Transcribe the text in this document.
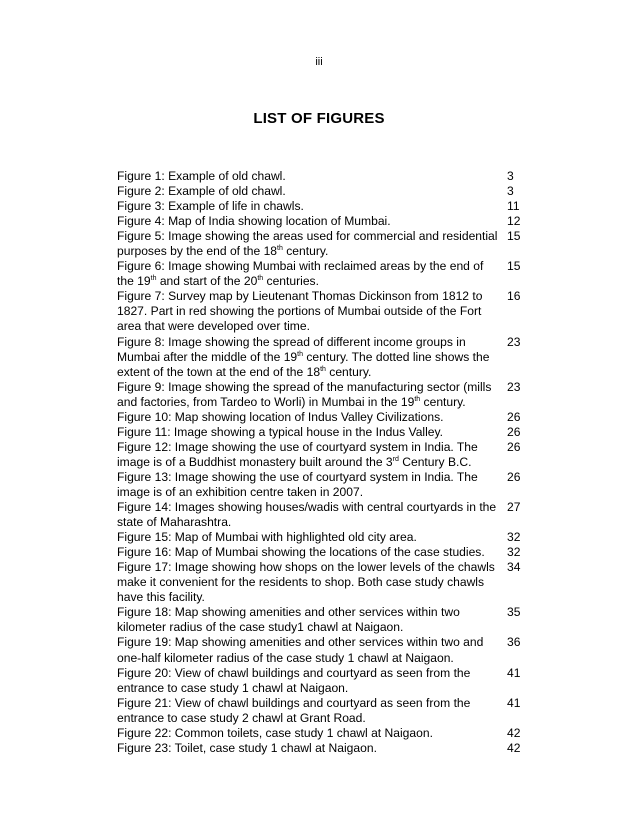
iii
LIST OF FIGURES
Figure 1: Example of old chawl.	3
Figure 2: Example of old chawl.	3
Figure 3: Example of life in chawls.	11
Figure 4: Map of India showing location of Mumbai.	12
Figure 5: Image showing the areas used for commercial and residential purposes by the end of the 18th century.
15
Figure 6: Image showing Mumbai with reclaimed areas by the end of the 19th and start of the 20th centuries.
15
Figure 7: Survey map by Lieutenant Thomas Dickinson from 1812 to 1827. Part in red showing the portions of Mumbai outside of the Fort area that were developed over time.
16
Figure 8: Image showing the spread of different income groups in Mumbai after the middle of the 19th century. The dotted line shows the extent of the town at the end of the 18th century.
23
Figure 9: Image showing the spread of the manufacturing sector (mills and factories, from Tardeo to Worli) in Mumbai in the 19th century.
23
Figure 10: Map showing location of Indus Valley Civilizations.	26
Figure 11: Image showing a typical house in the Indus Valley.	26
Figure 12: Image showing the use of courtyard system in India. The image is of a Buddhist monastery built around the 3rd Century B.C.
26
Figure 13: Image showing the use of courtyard system in India. The image is of an exhibition centre taken in 2007.
26
Figure 14: Images showing houses/wadis with central courtyards in the state of Maharashtra.
27
Figure 15: Map of Mumbai with highlighted old city area.	32
Figure 16: Map of Mumbai showing the locations of the case studies.	32
Figure 17: Image showing how shops on the lower levels of the chawls make it convenient for the residents to shop. Both case study chawls have this facility.
34
Figure 18: Map showing amenities and other services within two kilometer radius of the case study1 chawl at Naigaon.
35
Figure 19: Map showing amenities and other services within two and one-half kilometer radius of the case study 1 chawl at Naigaon.
36
Figure 20: View of chawl buildings and courtyard as seen from the entrance to case study 1 chawl at Naigaon.
41
Figure 21: View of chawl buildings and courtyard as seen from the entrance to case study 2 chawl at Grant Road.
41
Figure 22: Common toilets, case study 1 chawl at Naigaon.	42
Figure 23: Toilet, case study 1 chawl at Naigaon.	42
